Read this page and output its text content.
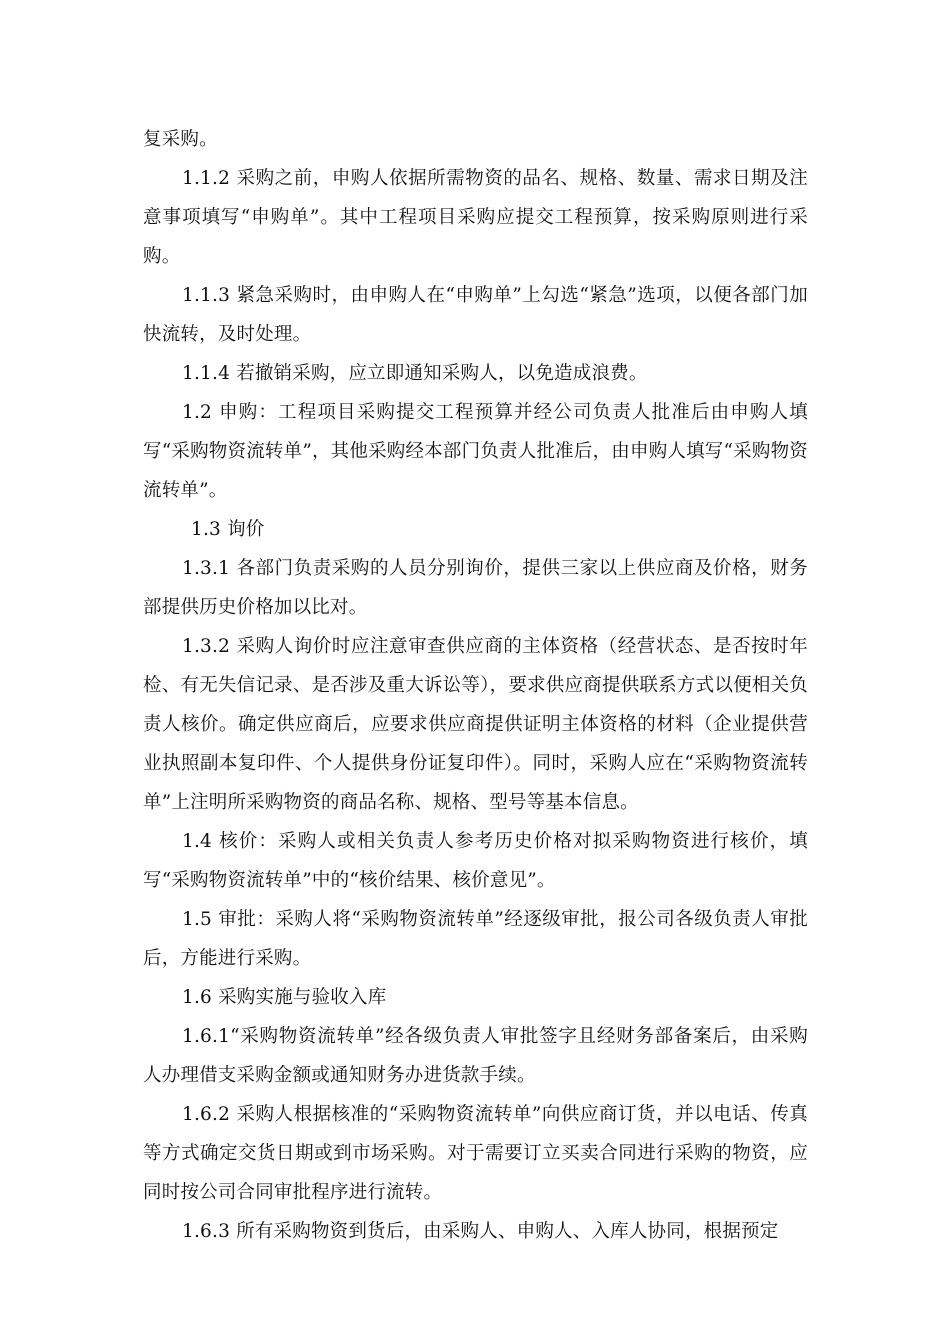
复采购。

1.1.2 采购之前，申购人依据所需物资的品名、规格、数量、需求日期及注意事项填写“申购单”。其中工程项目采购应提交工程预算，按采购原则进行采购。

1.1.3 紧急采购时，由申购人在“申购单”上勾选“紧急”选项，以便各部门加快流转，及时处理。

1.1.4 若撤销采购，应立即通知采购人，以免造成浪费。

1.2 申购：工程项目采购提交工程预算并经公司负责人批准后由申购人填写“采购物资流转单”，其他采购经本部门负责人批准后，由申购人填写“采购物资流转单”。

1.3 询价

1.3.1 各部门负责采购的人员分别询价，提供三家以上供应商及价格，财务部提供历史价格加以比对。

1.3.2 采购人询价时应注意审查供应商的主体资格（经营状态、是否按时年检、有无失信记录、是否涉及重大诉讼等），要求供应商提供联系方式以便相关负责人核价。确定供应商后，应要求供应商提供证明主体资格的材料（企业提供营业执照副本复印件、个人提供身份证复印件）。同时，采购人应在“采购物资流转单”上注明所采购物资的商品名称、规格、型号等基本信息。

1.4 核价：采购人或相关负责人参考历史价格对拟采购物资进行核价，填写“采购物资流转单”中的“核价结果、核价意见”。

1.5 审批：采购人将“采购物资流转单”经逐级审批，报公司各级负责人审批后，方能进行采购。

1.6 采购实施与验收入库

1.6.1“采购物资流转单”经各级负责人审批签字且经财务部备案后，由采购人办理借支采购金额或通知财务办进货款手续。

1.6.2 采购人根据核准的“采购物资流转单”向供应商订货，并以电话、传真等方式确定交货日期或到市场采购。对于需要订立买卖合同进行采购的物资，应同时按公司合同审批程序进行流转。

1.6.3 所有采购物资到货后，由采购人、申购人、入库人协同，根据预定
